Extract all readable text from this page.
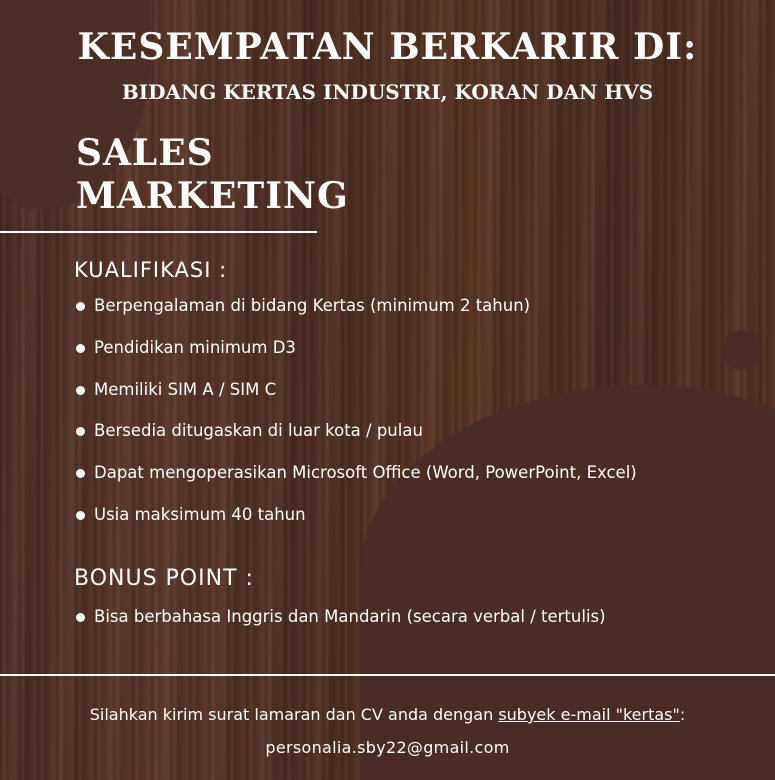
KESEMPATAN BERKARIR DI:
BIDANG KERTAS INDUSTRI, KORAN DAN HVS
SALES
MARKETING
KUALIFIKASI :
Berpengalaman di bidang Kertas (minimum 2 tahun)
Pendidikan minimum D3
Memiliki SIM A / SIM C
Bersedia ditugaskan di luar kota / pulau
Dapat mengoperasikan Microsoft Office (Word, PowerPoint, Excel)
Usia maksimum 40 tahun
BONUS POINT :
Bisa berbahasa Inggris dan Mandarin (secara verbal / tertulis)

Silahkan kirim surat lamaran dan CV anda dengan subyek e-mail "kertas":

personalia.sby22@gmail.com
